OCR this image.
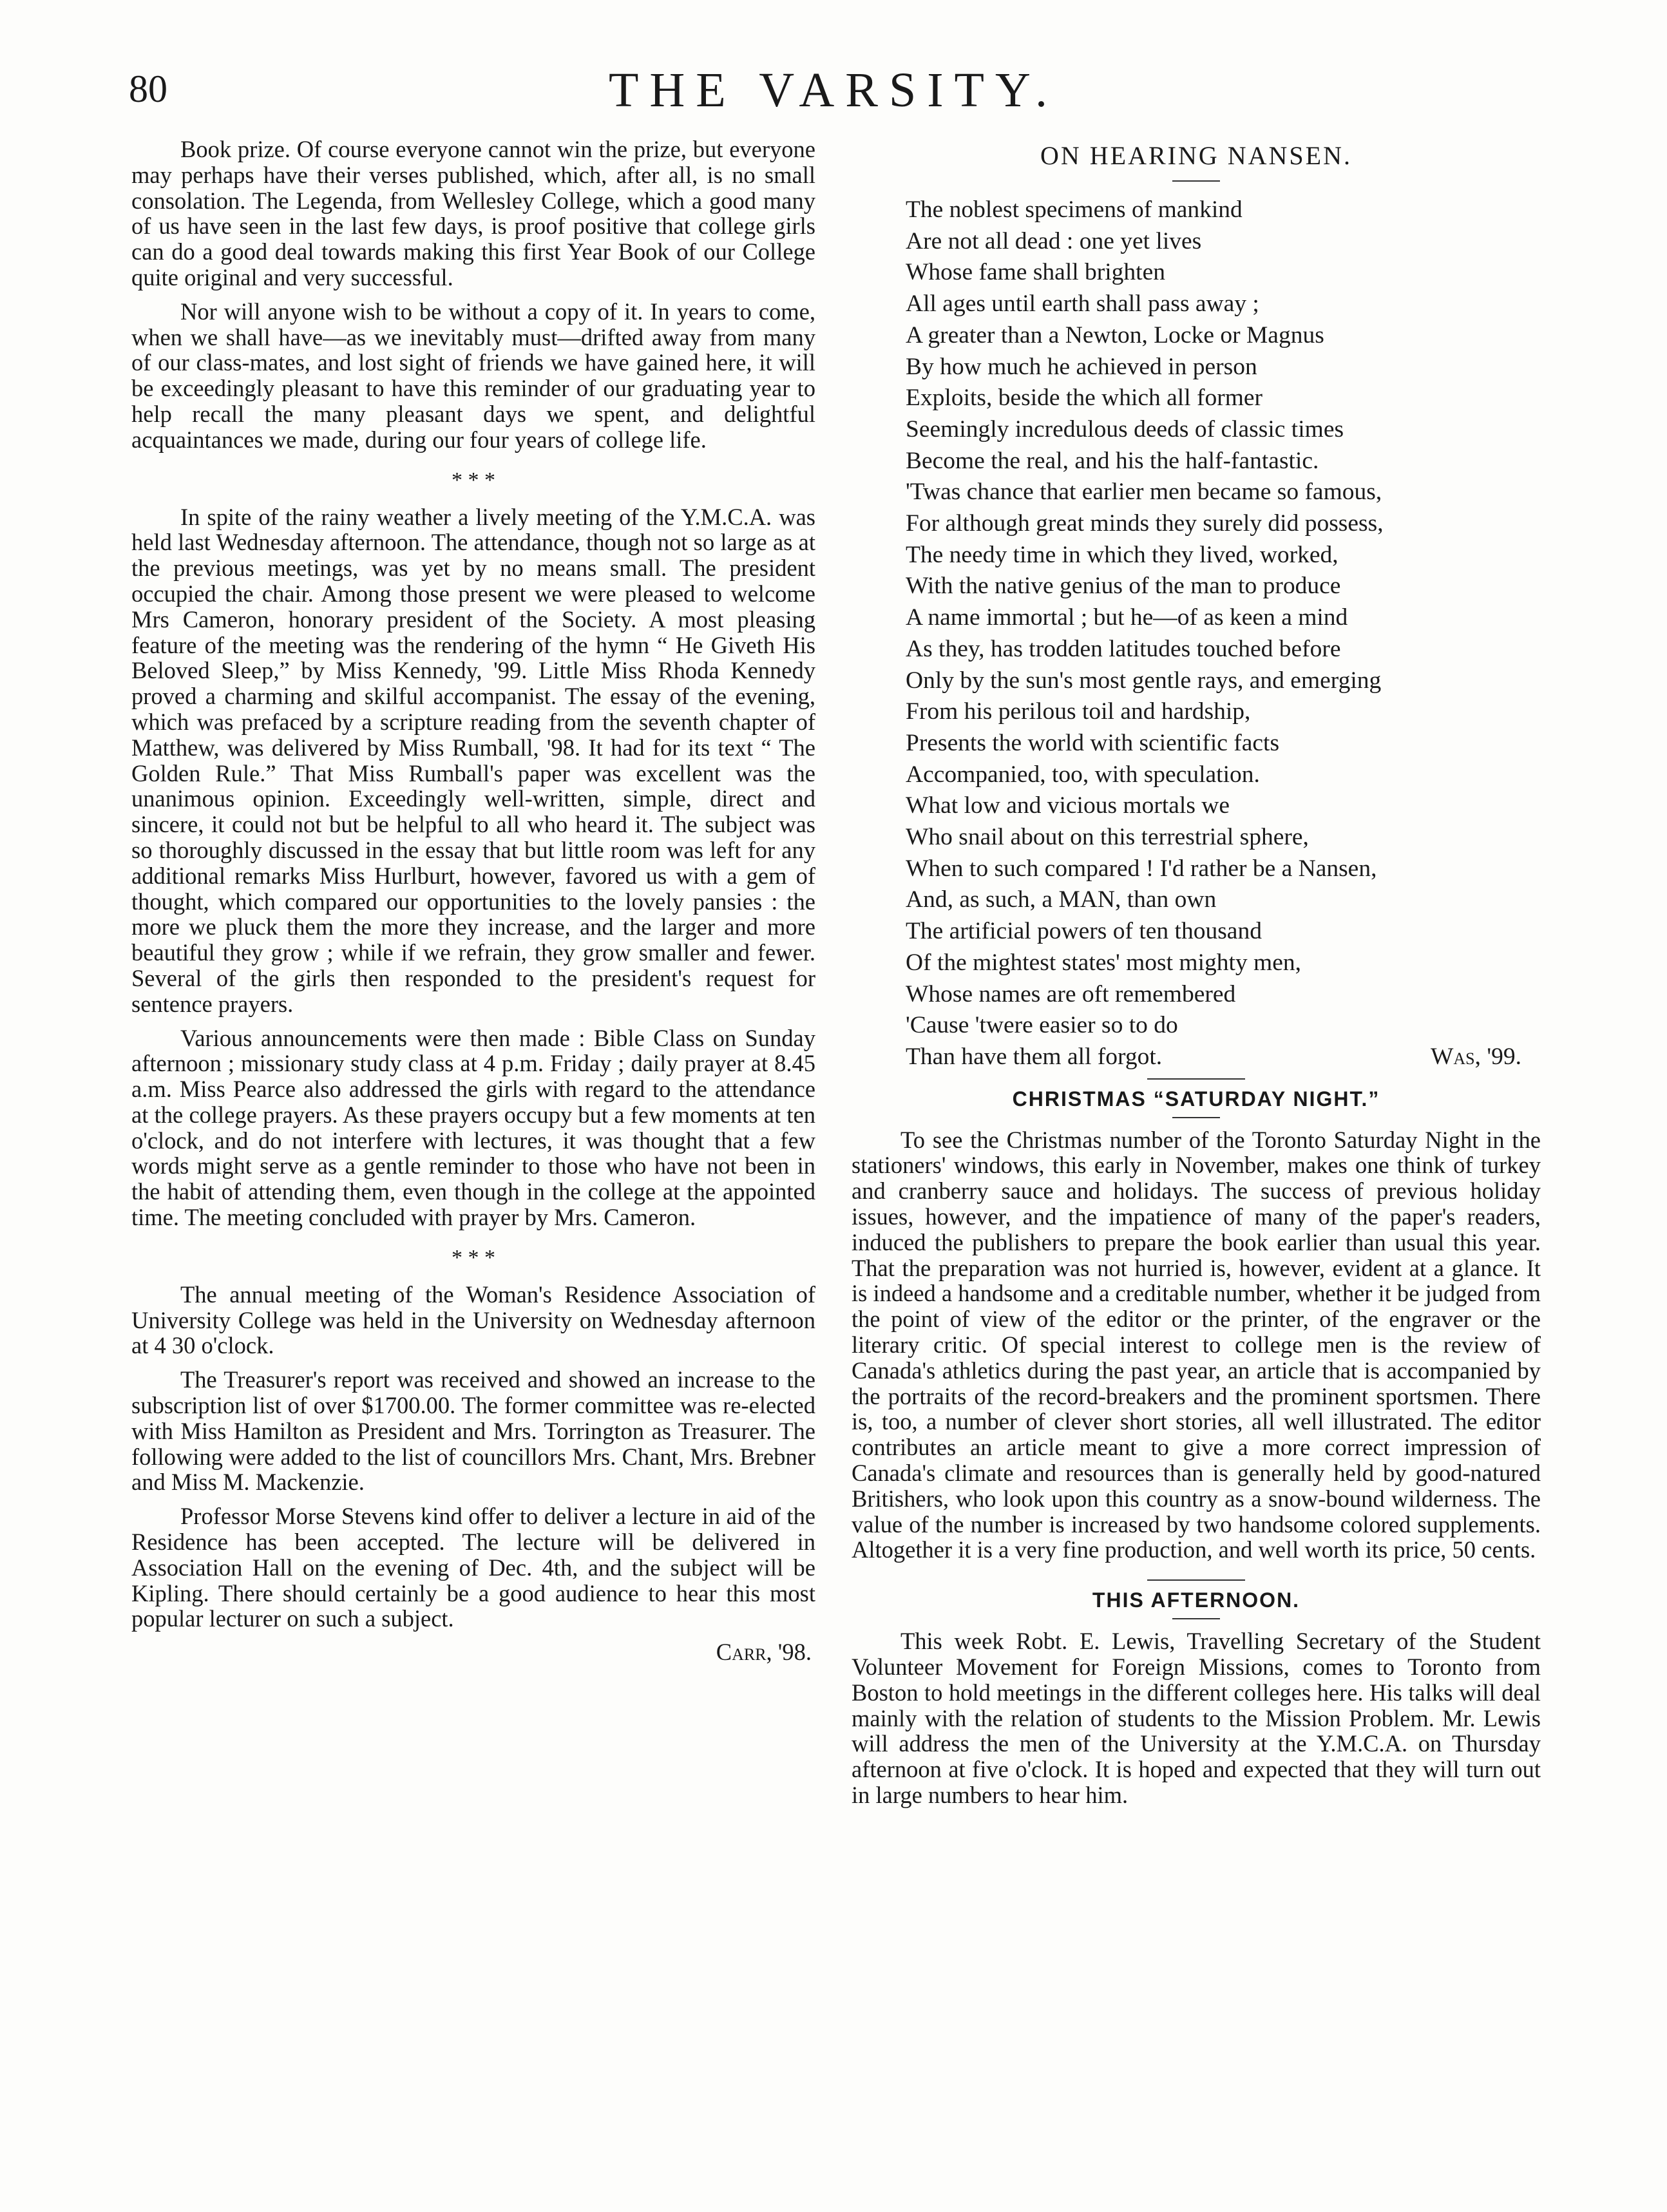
80	THE VARSITY.

Book prize. Of course everyone cannot win the prize, but everyone may perhaps have their verses published, which, after all, is no small consolation. The Legenda, from Wellesley College, which a good many of us have seen in the last few days, is proof positive that college girls can do a good deal towards making this first Year Book of our College quite original and very successful.

Nor will anyone wish to be without a copy of it. In years to come, when we shall have—as we inevitably must—drifted away from many of our class-mates, and lost sight of friends we have gained here, it will be exceedingly pleasant to have this reminder of our graduating year to help recall the many pleasant days we spent, and delightful acquaintances we made, during our four years of college life.

* * *

In spite of the rainy weather a lively meeting of the Y.M.C.A. was held last Wednesday afternoon. The attendance, though not so large as at the previous meetings, was yet by no means small. The president occupied the chair. Among those present we were pleased to welcome Mrs Cameron, honorary president of the Society. A most pleasing feature of the meeting was the rendering of the hymn “ He Giveth His Beloved Sleep,” by Miss Kennedy, '99. Little Miss Rhoda Kennedy proved a charming and skilful accompanist. The essay of the evening, which was prefaced by a scripture reading from the seventh chapter of Matthew, was delivered by Miss Rumball, '98. It had for its text “ The Golden Rule.” That Miss Rumball's paper was excellent was the unanimous opinion. Exceedingly well-written, simple, direct and sincere, it could not but be helpful to all who heard it. The subject was so thoroughly discussed in the essay that but little room was left for any additional remarks Miss Hurlburt, however, favored us with a gem of thought, which compared our opportunities to the lovely pansies : the more we pluck them the more they increase, and the larger and more beautiful they grow ; while if we refrain, they grow smaller and fewer. Several of the girls then responded to the president's request for sentence prayers.

Various announcements were then made : Bible Class on Sunday afternoon ; missionary study class at 4 p.m. Friday ; daily prayer at 8.45 a.m. Miss Pearce also addressed the girls with regard to the attendance at the college prayers. As these prayers occupy but a few moments at ten o'clock, and do not interfere with lectures, it was thought that a few words might serve as a gentle reminder to those who have not been in the habit of attending them, even though in the college at the appointed time. The meeting concluded with prayer by Mrs. Cameron.

* * *

The annual meeting of the Woman's Residence Association of University College was held in the University on Wednesday afternoon at 4 30 o'clock.

The Treasurer's report was received and showed an increase to the subscription list of over $1700.00. The former committee was re-elected with Miss Hamilton as President and Mrs. Torrington as Treasurer. The following were added to the list of councillors Mrs. Chant, Mrs. Brebner and Miss M. Mackenzie.

Professor Morse Stevens kind offer to deliver a lecture in aid of the Residence has been accepted. The lecture will be delivered in Association Hall on the evening of Dec. 4th, and the subject will be Kipling. There should certainly be a good audience to hear this most popular lecturer on such a subject.

Carr, '98.
ON HEARING NANSEN.
The noblest specimens of mankind
Are not all dead : one yet lives
Whose fame shall brighten
All ages until earth shall pass away ;
A greater than a Newton, Locke or Magnus
By how much he achieved in person
Exploits, beside the which all former
Seemingly incredulous deeds of classic times
Become the real, and his the half-fantastic.
'Twas chance that earlier men became so famous,
For although great minds they surely did possess,
The needy time in which they lived, worked,
With the native genius of the man to produce
A name immortal ; but he—of as keen a mind
As they, has trodden latitudes touched before
Only by the sun's most gentle rays, and emerging
From his perilous toil and hardship,
Presents the world with scientific facts
Accompanied, too, with speculation.
What low and vicious mortals we
Who snail about on this terrestrial sphere,
When to such compared ! I'd rather be a Nansen,
And, as such, a MAN, than own
The artificial powers of ten thousand
Of the mightest states' most mighty men,
Whose names are oft remembered
'Cause 'twere easier so to do
Than have them all forgot.	Was, '99.
CHRISTMAS “SATURDAY NIGHT.”

To see the Christmas number of the Toronto Saturday Night in the stationers' windows, this early in November, makes one think of turkey and cranberry sauce and holidays. The success of previous holiday issues, however, and the impatience of many of the paper's readers, induced the publishers to prepare the book earlier than usual this year. That the preparation was not hurried is, however, evident at a glance. It is indeed a handsome and a creditable number, whether it be judged from the point of view of the editor or the printer, of the engraver or the literary critic. Of special interest to college men is the review of Canada's athletics during the past year, an article that is accompanied by the portraits of the record-breakers and the prominent sportsmen. There is, too, a number of clever short stories, all well illustrated. The editor contributes an article meant to give a more correct impression of Canada's climate and resources than is generally held by good-natured Britishers, who look upon this country as a snow-bound wilderness. The value of the number is increased by two handsome colored supplements. Altogether it is a very fine production, and well worth its price, 50 cents.

THIS AFTERNOON.

This week Robt. E. Lewis, Travelling Secretary of the Student Volunteer Movement for Foreign Missions, comes to Toronto from Boston to hold meetings in the different colleges here. His talks will deal mainly with the relation of students to the Mission Problem. Mr. Lewis will address the men of the University at the Y.M.C.A. on Thursday afternoon at five o'clock. It is hoped and expected that they will turn out in large numbers to hear him.
